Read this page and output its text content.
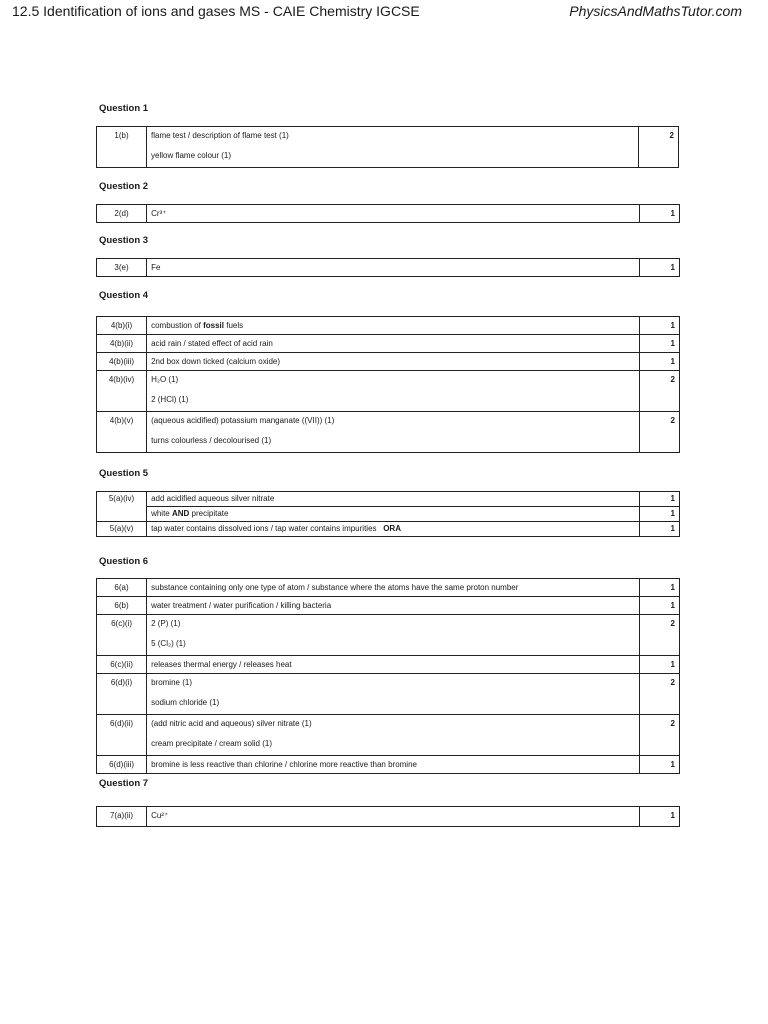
12.5 Identification of ions and gases MS - CAIE Chemistry IGCSE	PhysicsAndMathsTutor.com
Question 1
1(b)	flame test / description of flame test (1)
yellow flame colour (1)
	2
Question 2
2(d)	Cr³⁺	1
Question 3
3(e)	Fe	1
Question 4
4(b)(i)	combustion of fossil fuels	1
4(b)(ii)	acid rain / stated effect of acid rain	1
4(b)(iii)	2nd box down ticked (calcium oxide)	1
4(b)(iv)	H₂O (1)
2 (HCl) (1)	2
4(b)(v)	(aqueous acidified) potassium manganate ((VII)) (1)
turns colourless / decolourised (1)	2
Question 5
5(a)(iv)	add acidified aqueous silver nitrate	1
	white AND precipitate	1
5(a)(v)	tap water contains dissolved ions / tap water contains impurities   ORA	1
Question 6
6(a)	substance containing only one type of atom / substance where the atoms have the same proton number	1
6(b)	water treatment / water purification / killing bacteria	1
6(c)(i)	2 (P) (1)
5 (Cl₂) (1)	2
6(c)(ii)	releases thermal energy / releases heat	1
6(d)(i)	bromine (1)
sodium chloride (1)	2
6(d)(ii)	(add nitric acid and aqueous) silver nitrate (1)
cream precipitate / cream solid (1)	2
6(d)(iii)	bromine is less reactive than chlorine / chlorine more reactive than bromine	1
Question 7
7(a)(ii)	Cu²⁺	1
